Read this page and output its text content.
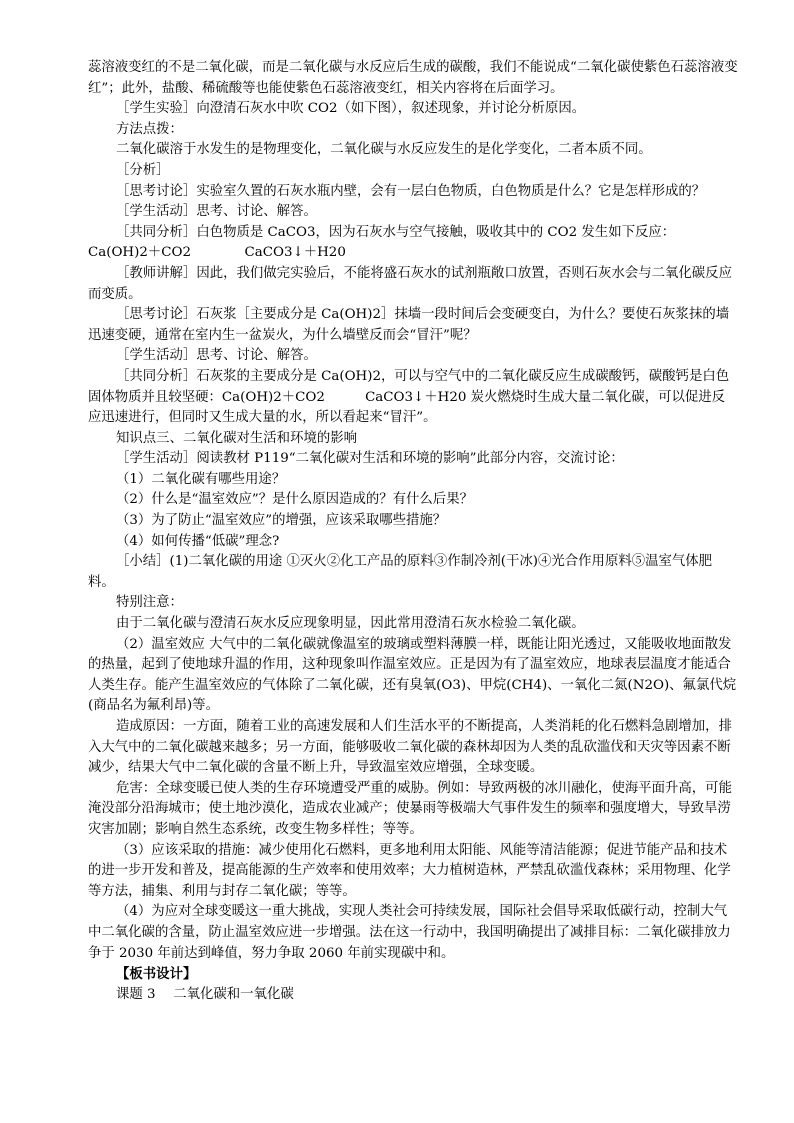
蕊溶液变红的不是二氧化碳，而是二氧化碳与水反应后生成的碳酸，我们不能说成“二氧化碳使紫色石蕊溶液变红”；此外，盐酸、稀硫酸等也能使紫色石蕊溶液变红，相关内容将在后面学习。

［学生实验］向澄清石灰水中吹 CO2（如下图），叙述现象，并讨论分析原因。

方法点拨：

二氧化碳溶于水发生的是物理变化，二氧化碳与水反应发生的是化学变化，二者本质不同。

［分析］

［思考讨论］实验室久置的石灰水瓶内壁，会有一层白色物质，白色物质是什么？它是怎样形成的？

［学生活动］思考、讨论、解答。

［共同分析］白色物质是 CaCO3，因为石灰水与空气接触，吸收其中的 CO2 发生如下反应：

Ca(OH)2＋CO2　　　　CaCO3↓＋H20

［教师讲解］因此，我们做完实验后，不能将盛石灰水的试剂瓶敞口放置，否则石灰水会与二氧化碳反应而变质。

［思考讨论］石灰浆［主要成分是 Ca(OH)2］抹墙一段时间后会变硬变白，为什么？要使石灰浆抹的墙迅速变硬，通常在室内生一盆炭火，为什么墙壁反而会“冒汗”呢？

［学生活动］思考、讨论、解答。

［共同分析］石灰浆的主要成分是 Ca(OH)2，可以与空气中的二氧化碳反应生成碳酸钙，碳酸钙是白色固体物质并且较坚硬：Ca(OH)2＋CO2　　　CaCO3↓＋H20 炭火燃烧时生成大量二氧化碳，可以促进反应迅速进行，但同时又生成大量的水，所以看起来“冒汗”。

知识点三、二氧化碳对生活和环境的影响

［学生活动］阅读教材 P119“二氧化碳对生活和环境的影响”此部分内容，交流讨论：

（1）二氧化碳有哪些用途？

（2）什么是“温室效应”？是什么原因造成的？有什么后果？

（3）为了防止“温室效应”的增强，应该采取哪些措施？

（4）如何传播“低碳”理念?

［小结］(1)二氧化碳的用途 ①灭火②化工产品的原料③作制冷剂(干冰)④光合作用原料⑤温室气体肥料。

特别注意：

由于二氧化碳与澄清石灰水反应现象明显，因此常用澄清石灰水检验二氧化碳。

（2）温室效应 大气中的二氧化碳就像温室的玻璃或塑料薄膜一样，既能让阳光透过，又能吸收地面散发的热量，起到了使地球升温的作用，这种现象叫作温室效应。正是因为有了温室效应，地球表层温度才能适合人类生存。能产生温室效应的气体除了二氧化碳，还有臭氧(O3)、甲烷(CH4)、一氧化二氮(N2O)、氟氯代烷(商品名为氟利昂)等。

造成原因：一方面，随着工业的高速发展和人们生活水平的不断提高，人类消耗的化石燃料急剧增加，排入大气中的二氧化碳越来越多；另一方面，能够吸收二氧化碳的森林却因为人类的乱砍滥伐和天灾等因素不断减少，结果大气中二氧化碳的含量不断上升，导致温室效应增强，全球变暖。

危害：全球变暖已使人类的生存环境遭受严重的威胁。例如：导致两极的冰川融化，使海平面升高，可能淹没部分沿海城市；使土地沙漠化，造成农业减产；使暴雨等极端大气事件发生的频率和强度增大，导致旱涝灾害加剧；影响自然生态系统，改变生物多样性；等等。

（3）应该采取的措施：减少使用化石燃料，更多地利用太阳能、风能等清洁能源；促进节能产品和技术的进一步开发和普及，提高能源的生产效率和使用效率；大力植树造林，严禁乱砍滥伐森林；采用物理、化学等方法，捕集、利用与封存二氧化碳；等等。

（4）为应对全球变暖这一重大挑战，实现人类社会可持续发展，国际社会倡导采取低碳行动，控制大气中二氧化碳的含量，防止温室效应进一步增强。法在这一行动中，我国明确提出了减排目标：二氧化碳排放力争于 2030 年前达到峰值，努力争取 2060 年前实现碳中和。

【板书设计】

课题 3　 二氧化碳和一氧化碳
